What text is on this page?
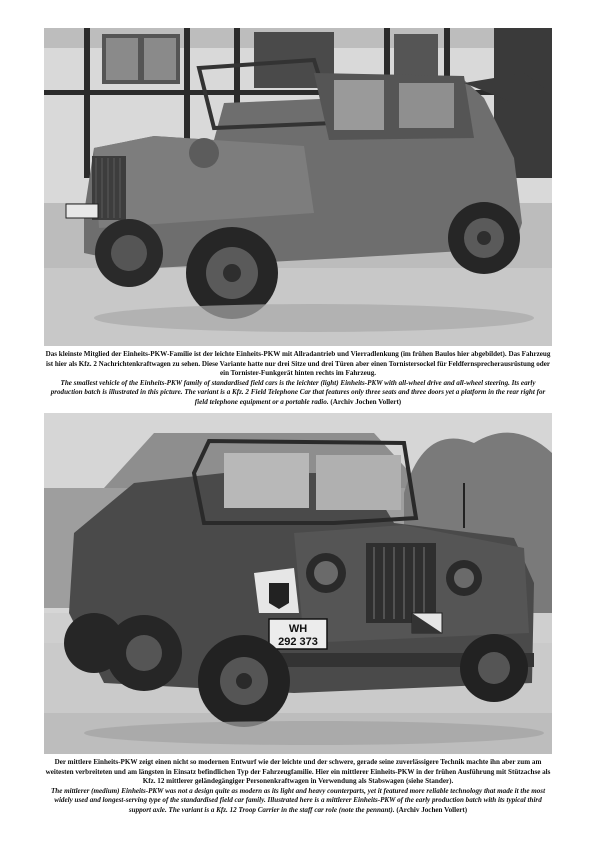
Das kleinste Mitglied der Einheits-PKW-Familie ist der leichte Einheits-PKW mit Allradantrieb und Vierradlenkung (im frühen Baulos hier abgebildet). Das Fahrzeug ist hier als Kfz. 2 Nachrichtenkraftwagen zu sehen. Diese Variante hatte nur drei Sitze und drei Türen aber einen Tornistersockel für Feldfernsprecherausrüstung oder ein Tornister-Funkgerät hinten rechts im Fahrzeug.

The smallest vehicle of the Einheits-PKW family of standardised field cars is the leichter (light) Einheits-PKW with all-wheel drive and all-wheel steering. Its early production batch is illustrated in this picture. The variant is a Kfz. 2 Field Telephone Car that features only three seats and three doors yet a platform in the rear right for field telephone equipment or a portable radio. (Archiv Jochen Vollert)

WH
292 373

Der mittlere Einheits-PKW zeigt einen nicht so modernen Entwurf wie der leichte und der schwere, gerade seine zuverlässigere Technik machte ihn aber zum am weitesten verbreiteten und am längsten in Einsatz befindlichen Typ der Fahrzeugfamilie. Hier ein mittlerer Einheits-PKW in der frühen Ausführung mit Stützachse als Kfz. 12 mittlerer geländegängiger Personenkraftwagen in Verwendung als Stabswagen (siehe Stander).

The mittlerer (medium) Einheits-PKW was not a design quite as modern as its light and heavy counterparts, yet it featured more reliable technology that made it the most widely used and longest-serving type of the standardised field car family. Illustrated here is a mittlerer Einheits-PKW of the early production batch with its typical third support axle. The variant is a Kfz. 12 Troop Carrier in the staff car role (note the pennant). (Archiv Jochen Vollert)
